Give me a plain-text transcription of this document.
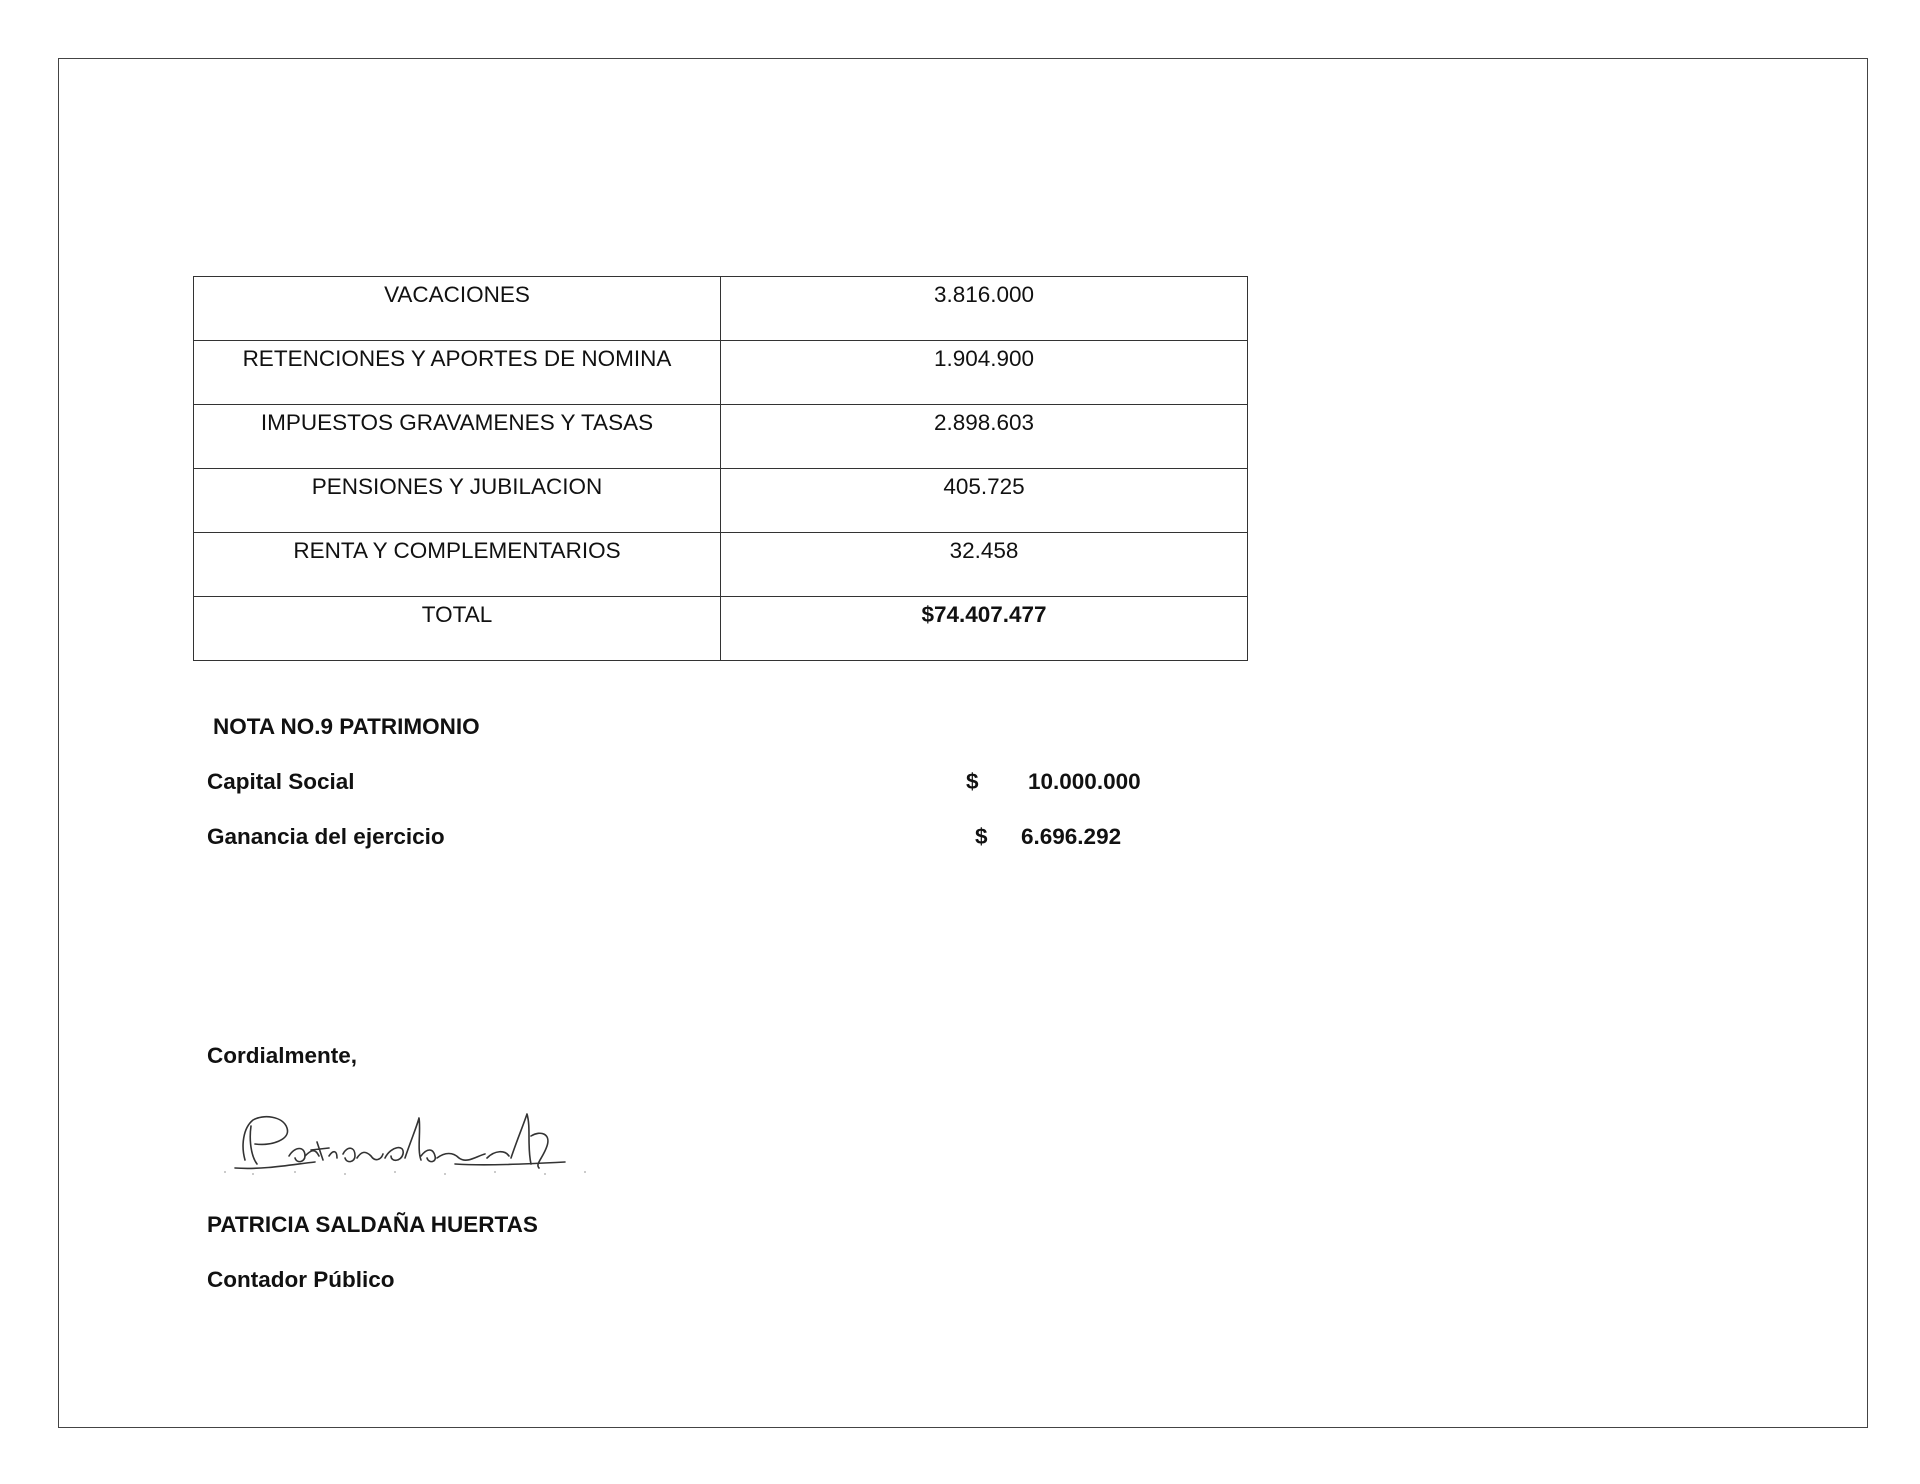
VACACIONES	3.816.000

RETENCIONES Y APORTES DE NOMINA	1.904.900

IMPUESTOS GRAVAMENES Y TASAS	2.898.603

PENSIONES Y JUBILACION	405.725

RENTA Y COMPLEMENTARIOS	32.458

TOTAL	$74.407.477
NOTA NO.9 PATRIMONIO
Capital Social	$ 10.000.000
Ganancia del ejercicio	$ 6.696.292
Cordialmente,
PATRICIA SALDAÑA HUERTAS
Contador Público
